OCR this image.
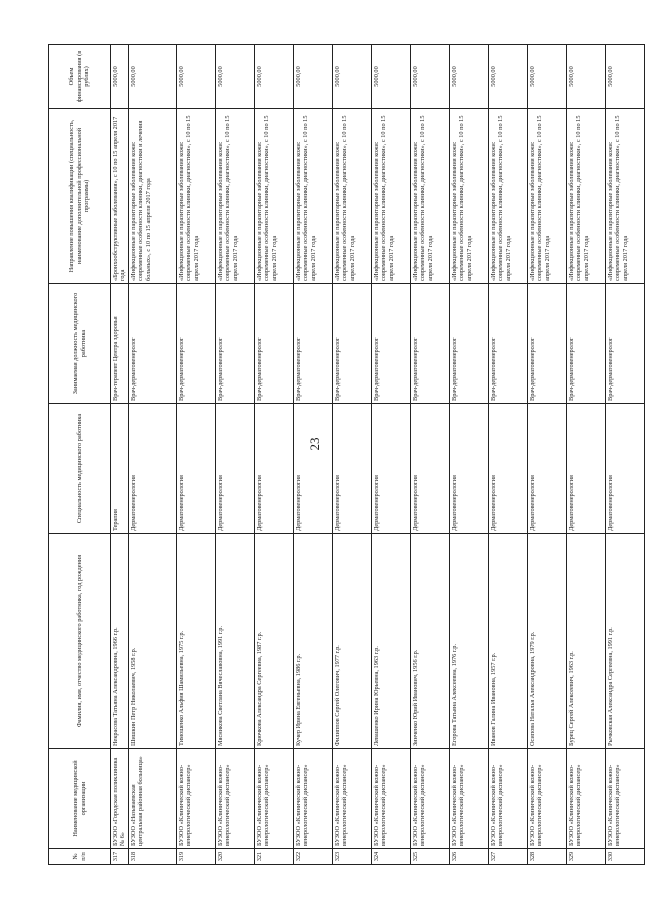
23
№ п/п	Наименование медицинской организации	Фамилия, имя, отчество медицинского работника, год рождения	Специальность медицинского работника	Занимаемая должность медицинского работника	Направление повышения квалификации (специальность, наименование дополнительной профессиональной программы)	Объем финансирования (в рублях)
317	БУЗОО «Городская поликлиника № 6»	Некрасова Татьяна Александровна, 1966 г.р.	Терапия	Врач-терапевт Центра здоровья	«Бронхообструктивные заболевания», с 10 по 15 апреля 2017 года	5000,00
318	БУЗОО «Называевская центральная районная больница»	Шишкин Петр Николаевич, 1958 г.р.	Дерматовенерология	Врач-дерматовенеролог	«Инфекционные и паразитарные заболевания кожи: современные особенности клиники, диагностики и лечения больных», с 10 по 15 апреля 2017 года	5000,00
319	БУЗОО «Клинический кожно-венерологический диспансер»	Тимошенко Альфия Шамильевна, 1975 г.р.	Дерматовенерология	Врач-дерматовенеролог	«Инфекционные и паразитарные заболевания кожи: современные особенности клиники, диагностики», с 10 по 15 апреля 2017 года	5000,00
320	БУЗОО «Клинический кожно-венерологический диспансер»	Мясникова Светлана Вячеславовна, 1991 г.р.	Дерматовенерология	Врач-дерматовенеролог	«Инфекционные и паразитарные заболевания кожи: современные особенности клиники, диагностики», с 10 по 15 апреля 2017 года	5000,00
321	БУЗОО «Клинический кожно-венерологический диспансер»	Крючкова Александра Сергеевна, 1987 г.р.	Дерматовенерология	Врач-дерматовенеролог	«Инфекционные и паразитарные заболевания кожи: современные особенности клиники, диагностики», с 10 по 15 апреля 2017 года	5000,00
322	БУЗОО «Клинический кожно-венерологический диспансер»	Кучер Ирина Евгеньевна, 1986 г.р.	Дерматовенерология	Врач-дерматовенеролог	«Инфекционные и паразитарные заболевания кожи: современные особенности клиники, диагностики», с 10 по 15 апреля 2017 года	5000,00
323	БУЗОО «Клинический кожно-венерологический диспансер»	Филиппов Сергей Олегович, 1977 г.р.	Дерматовенерология	Врач-дерматовенеролог	«Инфекционные и паразитарные заболевания кожи: современные особенности клиники, диагностики», с 10 по 15 апреля 2017 года	5000,00
324	БУЗОО «Клинический кожно-венерологический диспансер»	Левашенко Ирина Юрьевна, 1963 г.р.	Дерматовенерология	Врач-дерматовенеролог	«Инфекционные и паразитарные заболевания кожи: современные особенности клиники, диагностики», с 10 по 15 апреля 2017 года	5000,00
325	БУЗОО «Клинический кожно-венерологический диспансер»	Зинченко Юрий Иванович, 1956 г.р.	Дерматовенерология	Врач-дерматовенеролог	«Инфекционные и паразитарные заболевания кожи: современные особенности клиники, диагностики», с 10 по 15 апреля 2017 года	5000,00
326	БУЗОО «Клинический кожно-венерологический диспансер»	Егорова Татьяна Алексеевна, 1976 г.р.	Дерматовенерология	Врач-дерматовенеролог	«Инфекционные и паразитарные заболевания кожи: современные особенности клиники, диагностики», с 10 по 15 апреля 2017 года	5000,00
327	БУЗОО «Клинический кожно-венерологический диспансер»	Иванов Галина Ивановна, 1957 г.р.	Дерматовенерология	Врач-дерматовенеролог	«Инфекционные и паразитарные заболевания кожи: современные особенности клиники, диагностики», с 10 по 15 апреля 2017 года	5000,00
328	БУЗОО «Клинический кожно-венерологический диспансер»	Осипова Наталья Александровна, 1979 г.р.	Дерматовенерология	Врач-дерматовенеролог	«Инфекционные и паразитарные заболевания кожи: современные особенности клиники, диагностики», с 10 по 15 апреля 2017 года	5000,00
329	БУЗОО «Клинический кожно-венерологический диспансер»	Бурец Сергей Алексеевич, 1963 г.р.	Дерматовенерология	Врач-дерматовенеролог	«Инфекционные и паразитарные заболевания кожи: современные особенности клиники, диагностики», с 10 по 15 апреля 2017 года	5000,00
330	БУЗОО «Клинический кожно-венерологический диспансер»	Рычковская Александра Сергеевна, 1991 г.р.	Дерматовенерология	Врач-дерматовенеролог	«Инфекционные и паразитарные заболевания кожи: современные особенности клиники, диагностики», с 10 по 15 апреля 2017 года	5000,00
